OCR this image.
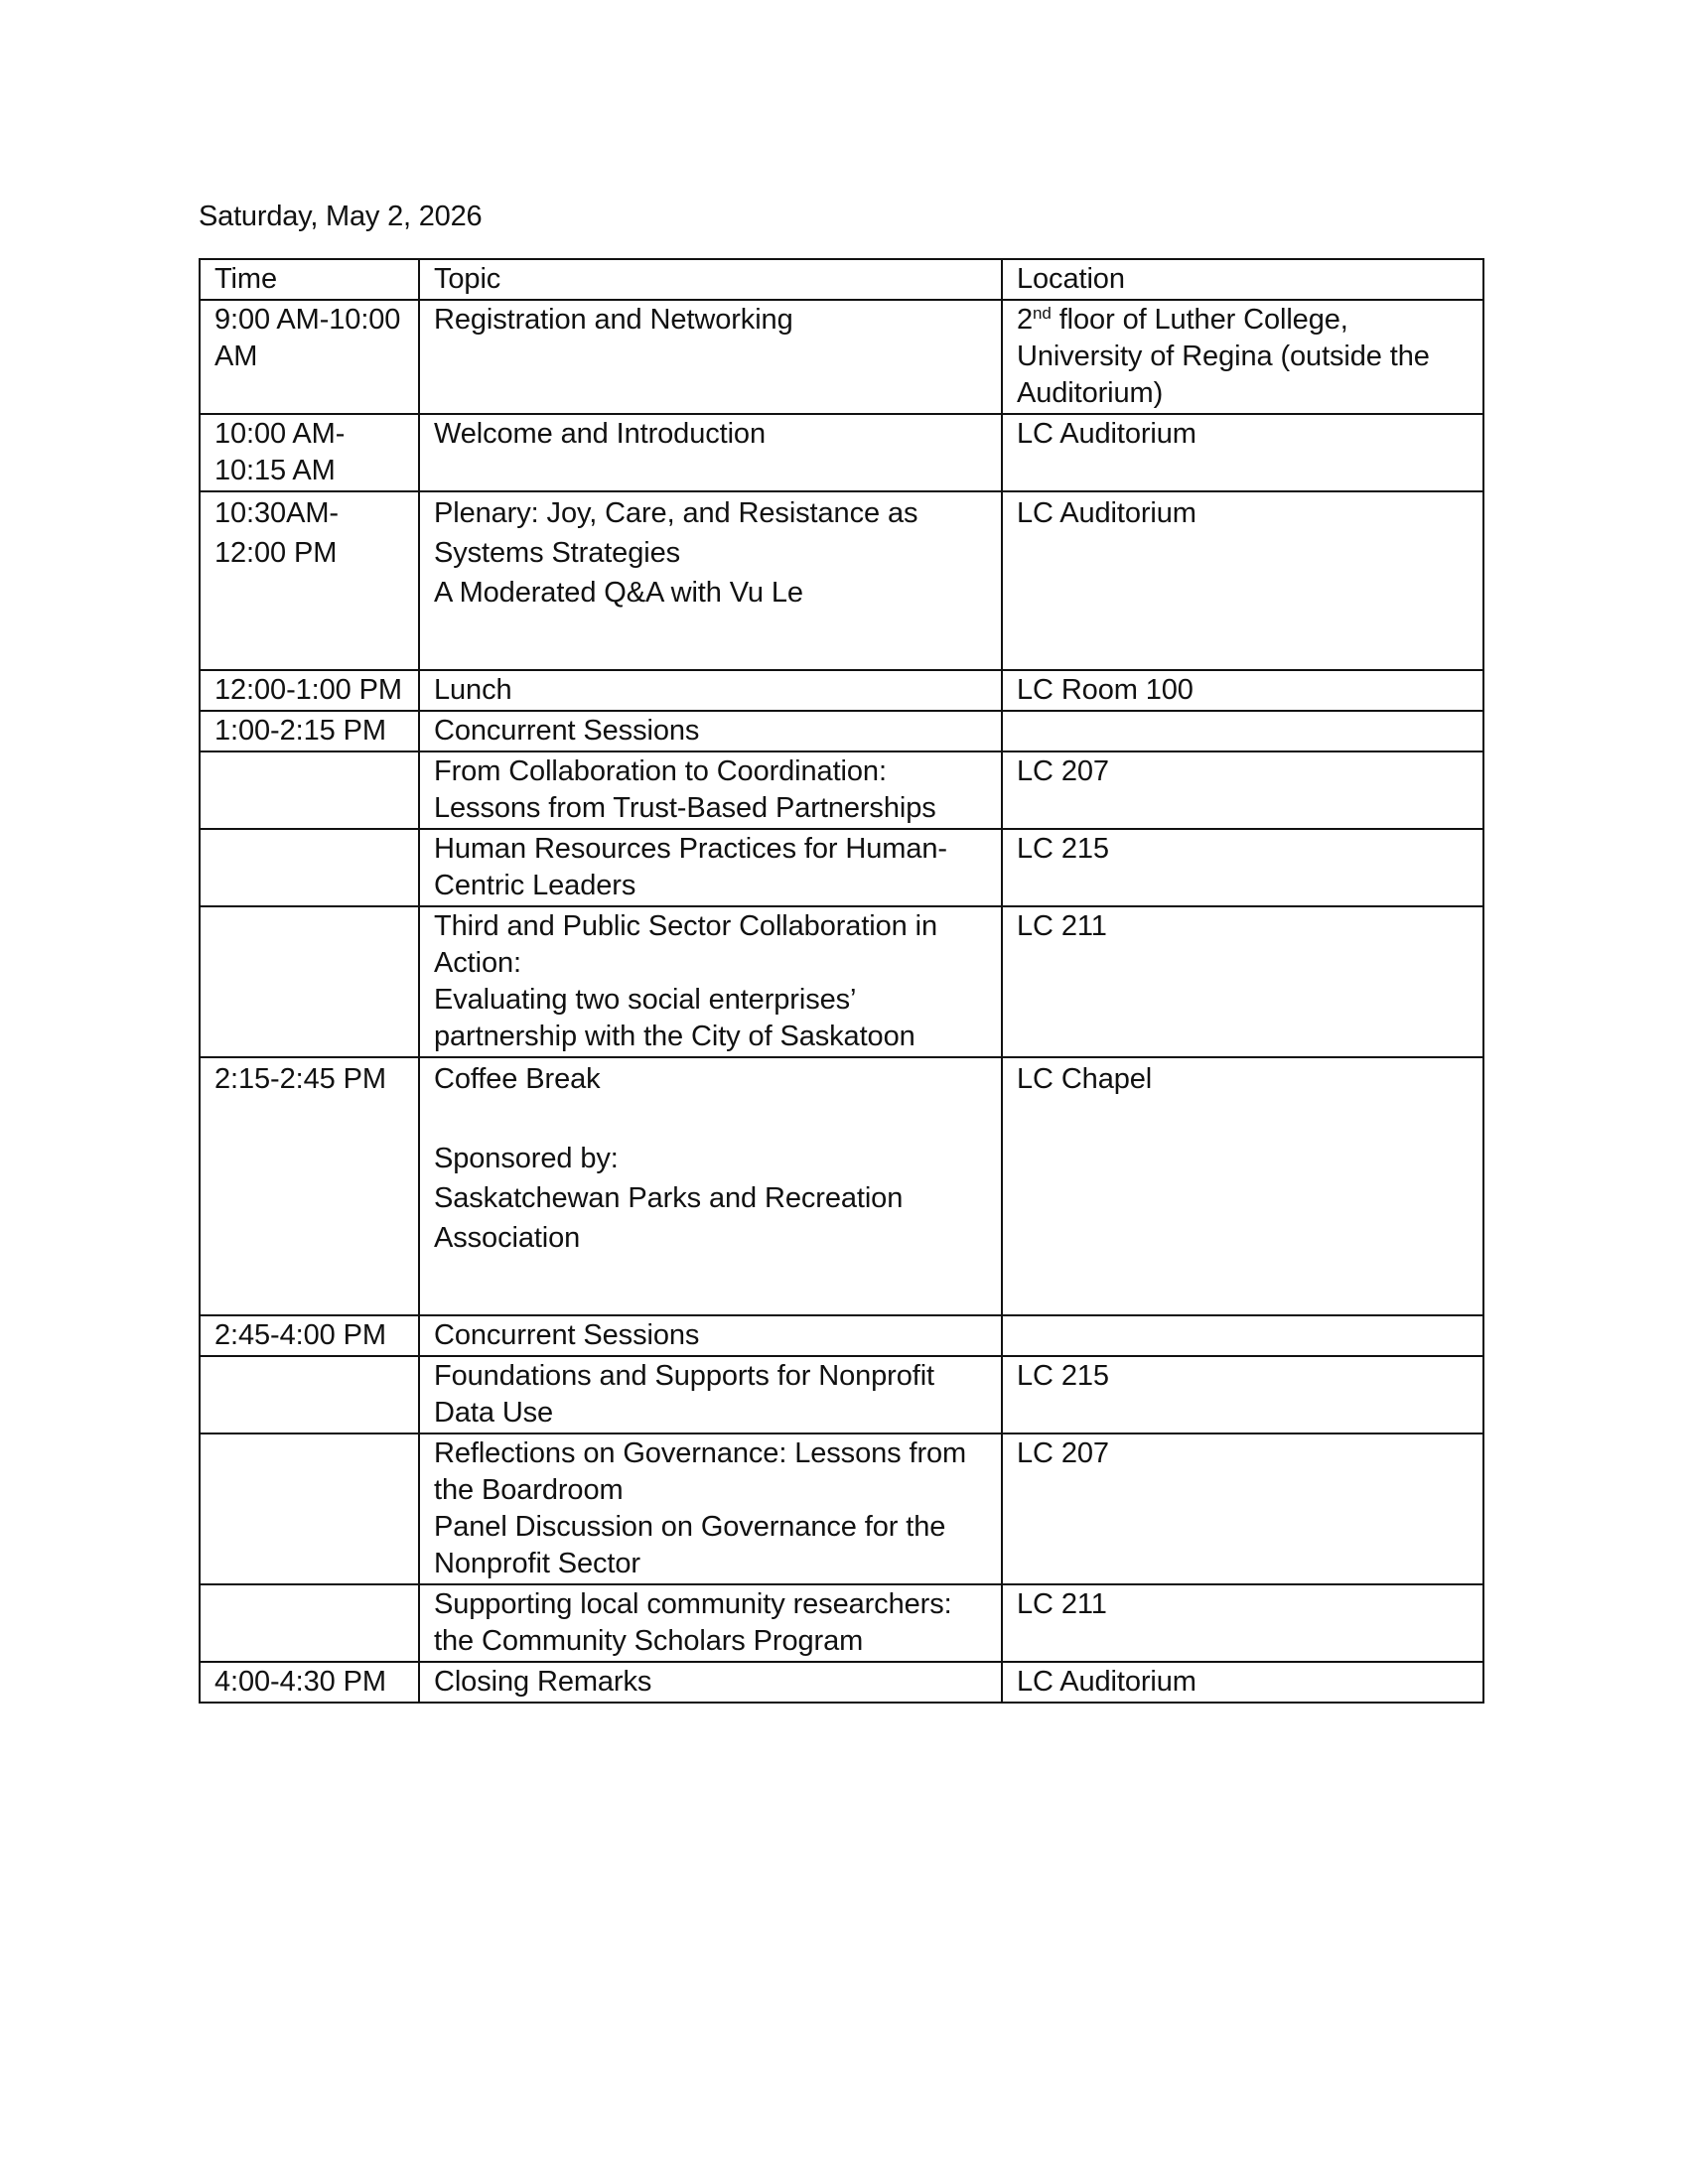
Saturday, May 2, 2026
Time	Topic	Location

9:00 AM-10:00
AM	Registration and Networking	2nd floor of Luther College,
University of Regina (outside the
Auditorium)

10:00 AM-
10:15 AM	Welcome and Introduction	LC Auditorium

10:30AM-
12:00 PM	Plenary: Joy, Care, and Resistance as
Systems Strategies
A Moderated Q&A with Vu Le	LC Auditorium

12:00-1:00 PM	Lunch	LC Room 100

1:00-2:15 PM	Concurrent Sessions	

	From Collaboration to Coordination:
Lessons from Trust-Based Partnerships	LC 207

	Human Resources Practices for Human-
Centric Leaders	LC 215

	Third and Public Sector Collaboration in
Action:
Evaluating two social enterprises’
partnership with the City of Saskatoon	LC 211

2:15-2:45 PM	Coffee Break
Sponsored by:
Saskatchewan Parks and Recreation
Association	LC Chapel

2:45-4:00 PM	Concurrent Sessions	

	Foundations and Supports for Nonprofit
Data Use	LC 215

	Reflections on Governance: Lessons from
the Boardroom
Panel Discussion on Governance for the
Nonprofit Sector	LC 207

	Supporting local community researchers:
the Community Scholars Program	LC 211

4:00-4:30 PM	Closing Remarks	LC Auditorium
